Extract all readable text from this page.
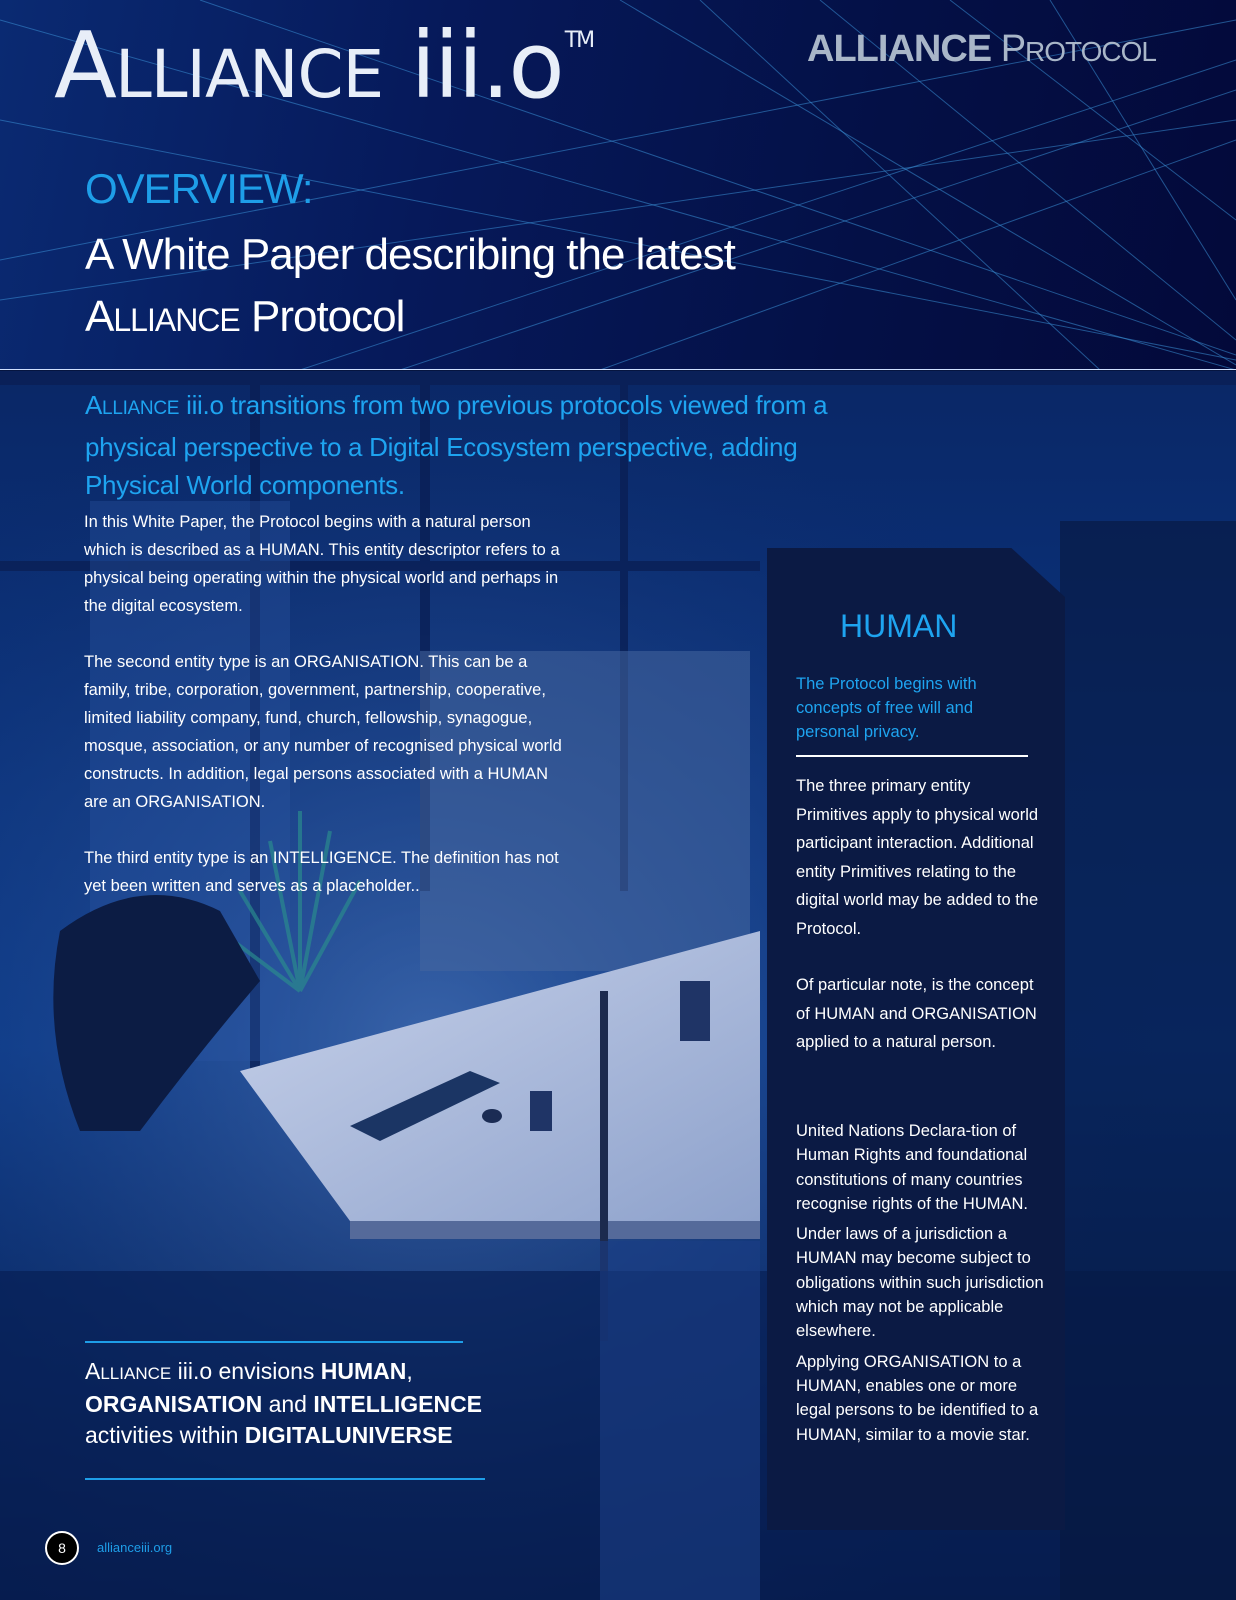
ALLIANCE iii.o™	ALLIANCE PROTOCOL
OVERVIEW:
A White Paper describing the latest
ALLIANCE Protocol
ALLIANCE iii.o transitions from two previous protocols viewed from a physical perspective to a Digital Ecosystem perspective, adding Physical World components.

In this White Paper, the Protocol begins with a natural person which is described as a HUMAN. This entity descriptor refers to a physical being operating within the physical world and perhaps in the digital ecosystem.

The second entity type is an ORGANISATION. This can be a family, tribe, corporation, government, partnership, cooperative, limited liability company, fund, church, fellowship, synagogue, mosque, association, or any number of recognised physical world constructs. In addition, legal persons associated with a HUMAN are an ORGANISATION.

The third entity type is an INTELLIGENCE. The definition has not yet been written and serves as a placeholder..

HUMAN
The Protocol begins with concepts of free will and personal privacy.

The three primary entity Primitives apply to physical world participant interaction. Additional entity Primitives relating to the digital world may be added to the Protocol.

Of particular note, is the concept of HUMAN and ORGANISATION applied to a natural person.

United Nations Declara-tion of Human Rights and foundational constitutions of many countries recognise rights of the HUMAN.

Under laws of a jurisdiction a HUMAN may become subject to obligations within such jurisdiction which may not be applicable elsewhere.

Applying ORGANISATION to a HUMAN, enables one or more legal persons to be identified to a HUMAN, similar to a movie star.

ALLIANCE iii.o envisions HUMAN,
ORGANISATION and INTELLIGENCE
activities within DIGITALUNIVERSE
8	allianceiii.org
